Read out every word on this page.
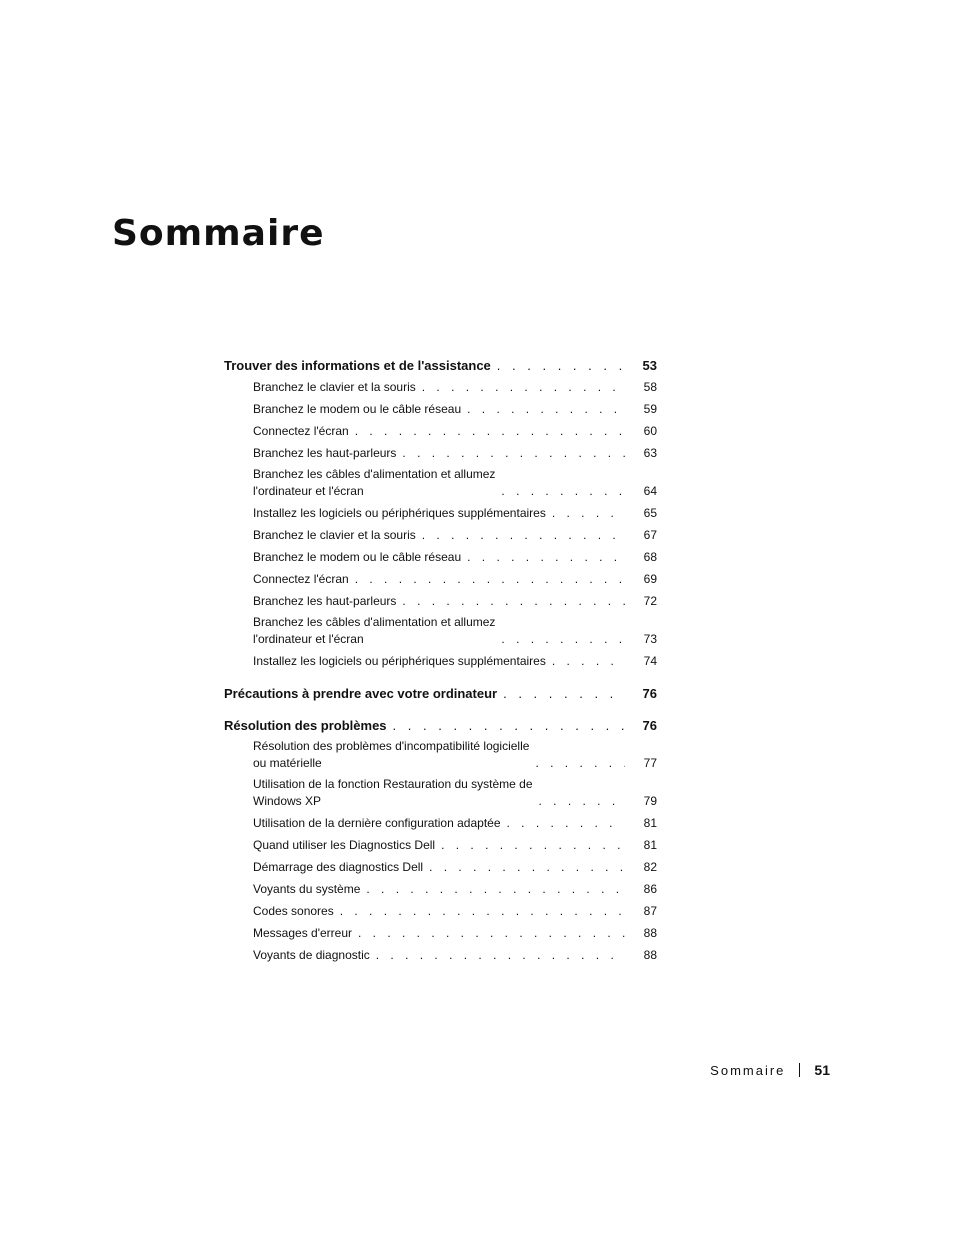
Sommaire
Trouver des informations et de l'assistance . . .	53
Branchez le clavier et la souris . . .	58
Branchez le modem ou le câble réseau . . .	59
Connectez l'écran . . .	60
Branchez les haut-parleurs . . .	63
Branchez les câbles d'alimentation et allumez
l'ordinateur et l'écran . . .	64
Installez les logiciels ou périphériques supplémentaires . . .	65
Branchez le clavier et la souris . . .	67
Branchez le modem ou le câble réseau . . .	68
Connectez l'écran . . .	69
Branchez les haut-parleurs . . .	72
Branchez les câbles d'alimentation et allumez
l'ordinateur et l'écran . . .	73
Installez les logiciels ou périphériques supplémentaires . . .	74
Précautions à prendre avec votre ordinateur . . .	76
Résolution des problèmes . . .	76
Résolution des problèmes d'incompatibilité logicielle
ou matérielle . . .	77
Utilisation de la fonction Restauration du système de
Windows XP . . .	79
Utilisation de la dernière configuration adaptée . . .	81
Quand utiliser les Diagnostics Dell . . .	81
Démarrage des diagnostics Dell . . .	82
Voyants du système . . .	86
Codes sonores . . .	87
Messages d'erreur . . .	88
Voyants de diagnostic . . .	88
Sommaire 51
